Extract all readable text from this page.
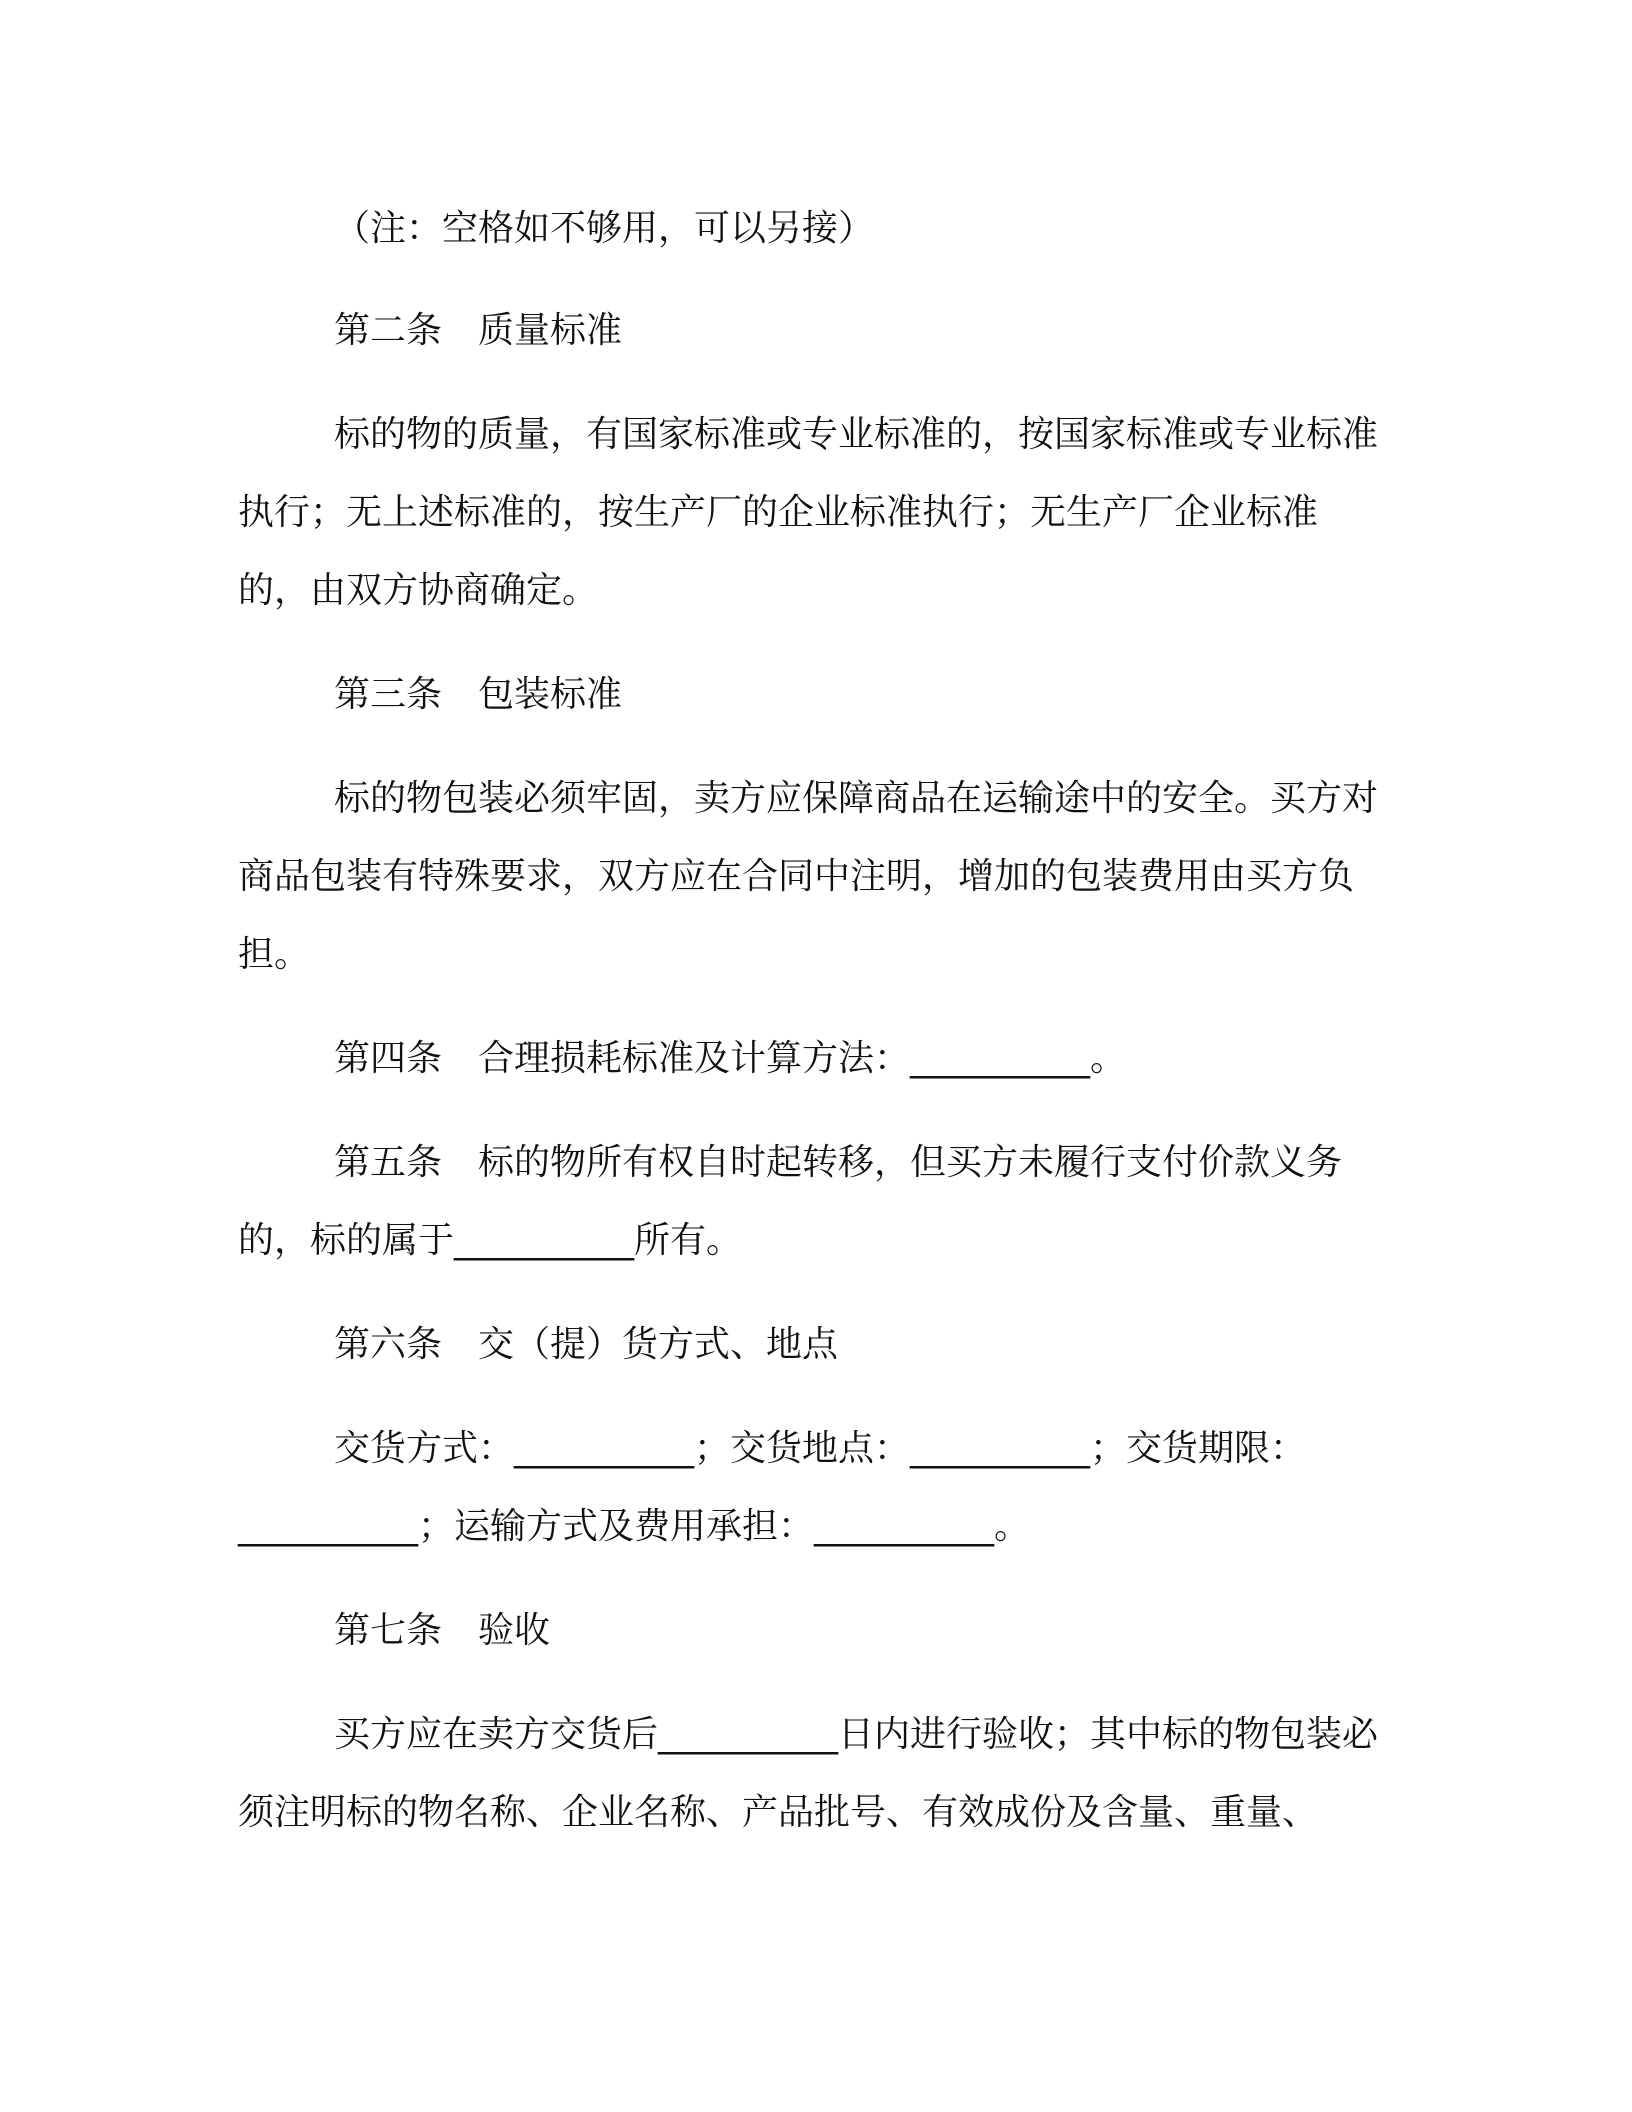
（注：空格如不够用，可以另接）

第二条　质量标准

标的物的质量，有国家标准或专业标准的，按国家标准或专业标准执行；无上述标准的，按生产厂的企业标准执行；无生产厂企业标准的，由双方协商确定。

第三条　包装标准

标的物包装必须牢固，卖方应保障商品在运输途中的安全。买方对商品包装有特殊要求，双方应在合同中注明，增加的包装费用由买方负担。

第四条　合理损耗标准及计算方法：__________。

第五条　标的物所有权自时起转移，但买方未履行支付价款义务的，标的属于__________所有。

第六条　交（提）货方式、地点

交货方式：__________；交货地点：__________；交货期限：__________；运输方式及费用承担：__________。

第七条　验收

买方应在卖方交货后__________日内进行验收；其中标的物包装必须注明标的物名称、企业名称、产品批号、有效成份及含量、重量、
